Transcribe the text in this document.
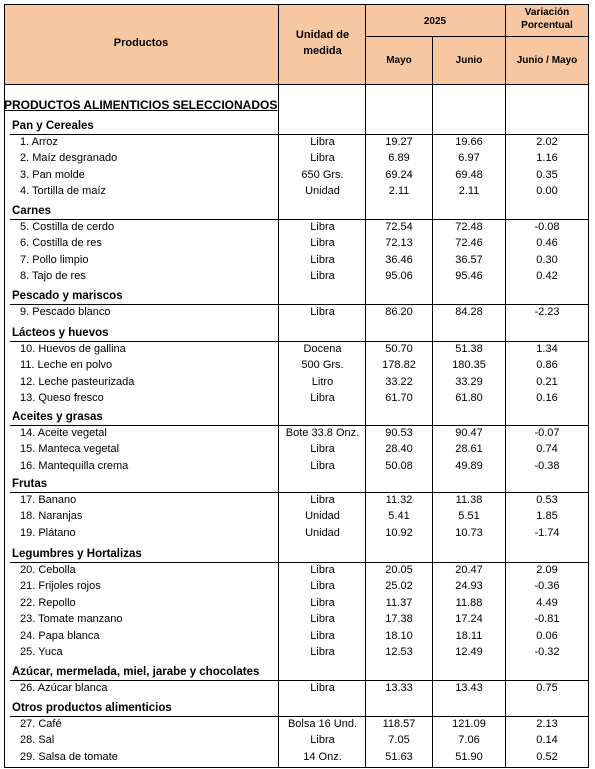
Productos
Unidad de
medida
2025
Variación
Porcentual
Mayo	Junio	Junio / Mayo
PRODUCTOS ALIMENTICIOS SELECCIONADOS
Pan y Cereales
1. Arroz	Libra	19.27	19.66	2.02
2. Maíz desgranado	Libra	6.89	6.97	1.16
3. Pan molde	650 Grs.	69.24	69.48	0.35
4. Tortilla de maíz	Unidad	2.11	2.11	0.00
Carnes
5. Costilla de cerdo	Libra	72.54	72.48	-0.08
6. Costilla de res	Libra	72.13	72.46	0.46
7. Pollo limpio	Libra	36.46	36.57	0.30
8. Tajo de res	Libra	95.06	95.46	0.42
Pescado y mariscos
9. Pescado blanco	Libra	86.20	84.28	-2.23
Lácteos y huevos
10. Huevos de gallina	Docena	50.70	51.38	1.34
11. Leche en polvo	500 Grs.	178.82	180.35	0.86
12. Leche pasteurizada	Litro	33.22	33.29	0.21
13. Queso fresco	Libra	61.70	61.80	0.16
Aceites y grasas
14. Aceite vegetal	Bote 33.8 Onz.	90.53	90.47	-0.07
15. Manteca vegetal	Libra	28.40	28.61	0.74
16. Mantequilla crema	Libra	50.08	49.89	-0.38
Frutas
17. Banano	Libra	11.32	11.38	0.53
18. Naranjas	Unidad	5.41	5.51	1.85
19. Plátano	Unidad	10.92	10.73	-1.74
Legumbres y Hortalizas
20. Cebolla	Libra	20.05	20.47	2.09
21. Frijoles rojos	Libra	25.02	24.93	-0.36
22. Repollo	Libra	11.37	11.88	4.49
23. Tomate manzano	Libra	17.38	17.24	-0.81
24. Papa blanca	Libra	18.10	18.11	0.06
25. Yuca	Libra	12.53	12.49	-0.32
Azúcar, mermelada, miel, jarabe y chocolates
26. Azúcar blanca	Libra	13.33	13.43	0.75
Otros productos alimenticios
27. Café	Bolsa 16 Und.	118.57	121.09	2.13
28. Sal	Libra	7.05	7.06	0.14
29. Salsa de tomate	14 Onz.	51.63	51.90	0.52
